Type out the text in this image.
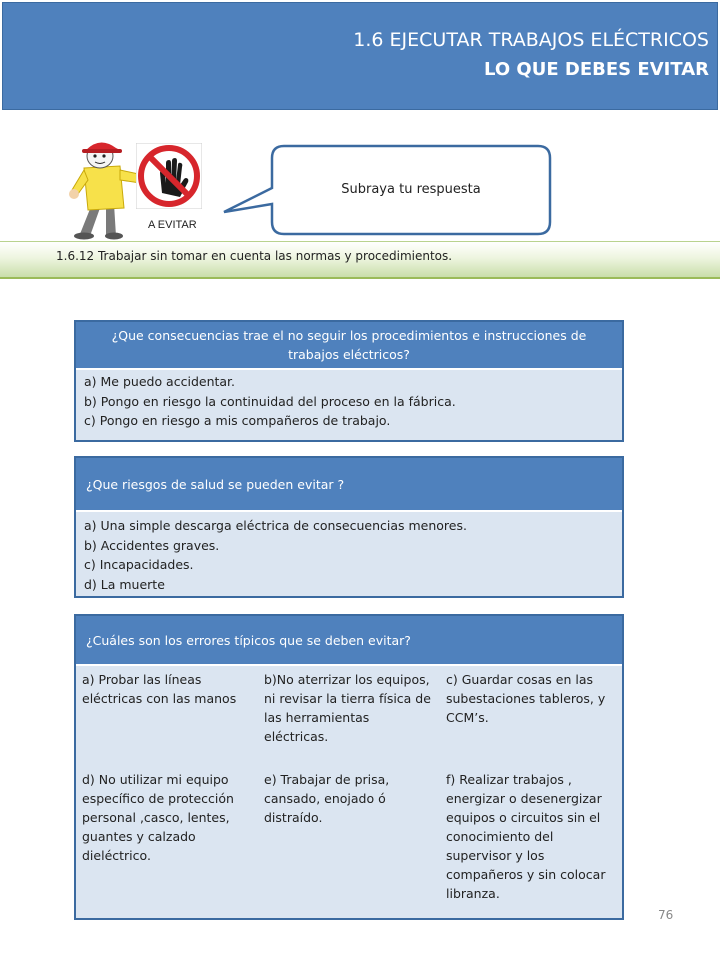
1.6 EJECUTAR TRABAJOS ELÉCTRICOS
LO QUE DEBES EVITAR
A EVITAR
Subraya tu respuesta
1.6.12 Trabajar sin tomar en cuenta las normas y procedimientos.
¿Que consecuencias trae el no seguir los procedimientos e instrucciones de trabajos eléctricos?
a) Me puedo accidentar.
b) Pongo en riesgo la continuidad del proceso en la fábrica.
c) Pongo en riesgo a mis compañeros de trabajo.
¿Que riesgos de salud se pueden evitar ?
a) Una simple descarga eléctrica de consecuencias menores.
b) Accidentes graves.
c) Incapacidades.
d) La muerte
¿Cuáles son los errores típicos que se deben evitar?
a) Probar las líneas eléctricas con las manos
b)No aterrizar los equipos, ni revisar la tierra física de las herramientas eléctricas.
c) Guardar cosas en las subestaciones tableros, y CCM’s.
d) No utilizar mi equipo específico de protección personal ,casco, lentes, guantes y calzado dieléctrico.
e) Trabajar de prisa, cansado, enojado ó distraído.
f) Realizar trabajos , energizar o desenergizar equipos o circuitos sin el conocimiento del supervisor y los compañeros y sin colocar libranza.
76
